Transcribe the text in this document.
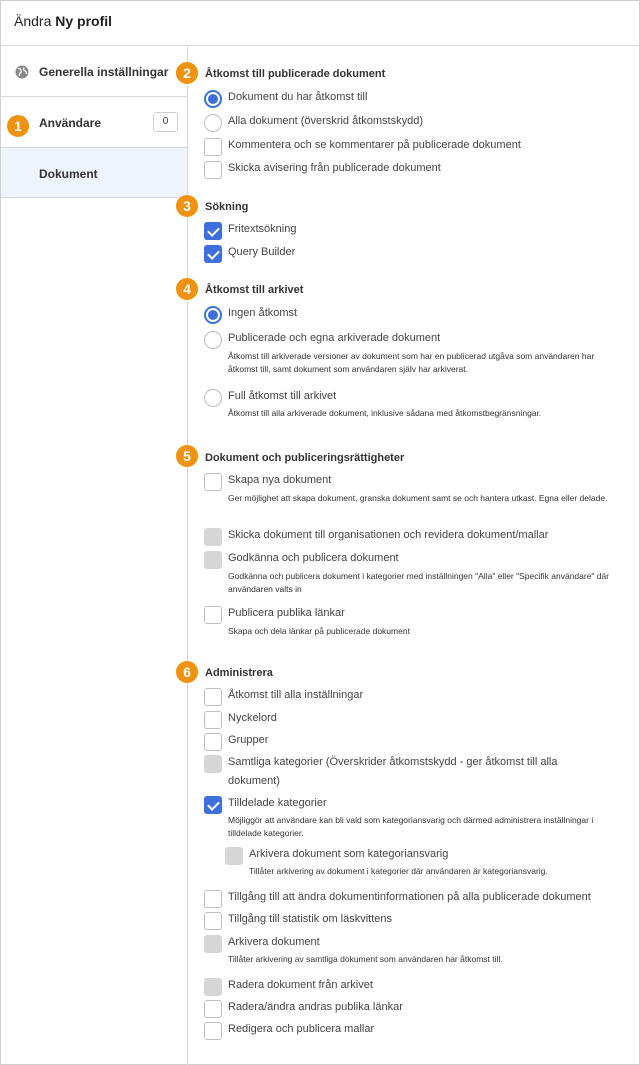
Ändra Ny profil
Generella inställningar
Användare	0
1
Dokument
2	Åtkomst till publicerade dokument
Dokument du har åtkomst till
Alla dokument (överskrid åtkomstskydd)
Kommentera och se kommentarer på publicerade dokument
Skicka avisering från publicerade dokument
3	Sökning
Fritextsökning
Query Builder
4	Åtkomst till arkivet
Ingen åtkomst
Publicerade och egna arkiverade dokument
Åtkomst till arkiverade versioner av dokument som har en publicerad utgåva som användaren har åtkomst till, samt dokument som användaren själv har arkiverat.
Full åtkomst till arkivet
Åtkomst till alla arkiverade dokument, inklusive sådana med åtkomstbegränsningar.
5	Dokument och publiceringsrättigheter
Skapa nya dokument
Ger möjlighet att skapa dokument, granska dokument samt se och hantera utkast. Egna eller delade.
Skicka dokument till organisationen och revidera dokument/mallar
Godkänna och publicera dokument
Godkänna och publicera dokument i kategorier med inställningen "Alla" eller "Specifik användare" där användaren valts in
Publicera publika länkar
Skapa och dela länkar på publicerade dokument
6	Administrera
Åtkomst till alla inställningar
Nyckelord
Grupper
Samtliga kategorier (Överskrider åtkomstskydd - ger åtkomst till alla
dokument)
Tilldelade kategorier
Möjliggör att användare kan bli vald som kategoriansvarig och därmed administrera inställningar i tilldelade kategorier.
Arkivera dokument som kategoriansvarig
Tillåter arkivering av dokument i kategorier där användaren är kategoriansvarig.
Tillgång till att ändra dokumentinformationen på alla publicerade dokument
Tillgång till statistik om läskvittens
Arkivera dokument
Tillåter arkivering av samtliga dokument som användaren har åtkomst till.
Radera dokument från arkivet
Radera/ändra andras publika länkar
Redigera och publicera mallar
